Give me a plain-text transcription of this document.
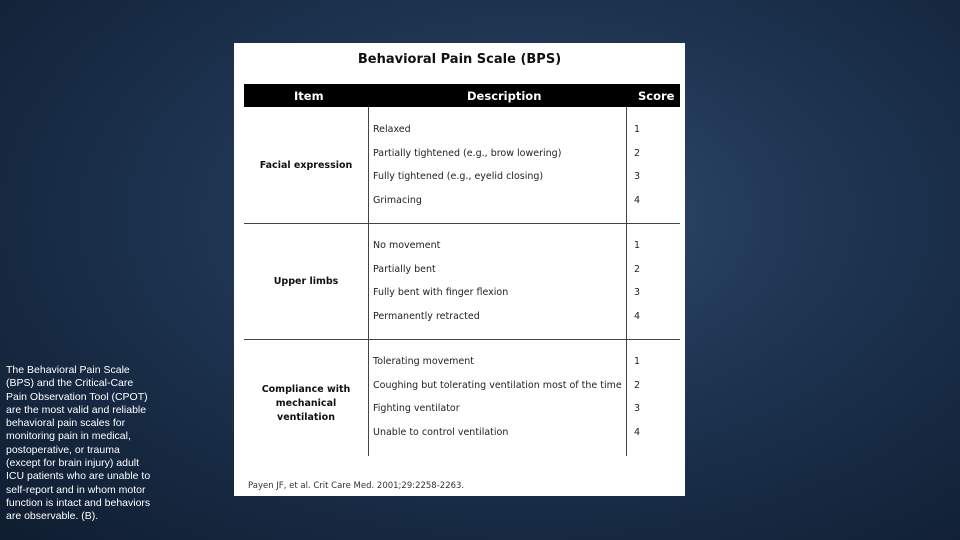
The Behavioral Pain Scale (BPS) and the Critical-Care Pain Observation Tool (CPOT) are the most valid and reliable behavioral pain scales for monitoring pain in medical, postoperative, or trauma (except for brain injury) adult ICU patients who are unable to self-report and in whom motor function is intact and behaviors are observable. (B).
Behavioral Pain Scale (BPS)
Item	Description	Score
Facial expression
Relaxed	1
Partially tightened (e.g., brow lowering)	2
Fully tightened (e.g., eyelid closing)	3
Grimacing	4
Upper limbs
No movement	1
Partially bent	2
Fully bent with finger flexion	3
Permanently retracted	4
Compliance with
mechanical ventilation
Tolerating movement	1
Coughing but tolerating ventilation most of the time 2
Fighting ventilator	3
Unable to control ventilation	4
Payen JF, et al. Crit Care Med. 2001;29:2258-2263.
